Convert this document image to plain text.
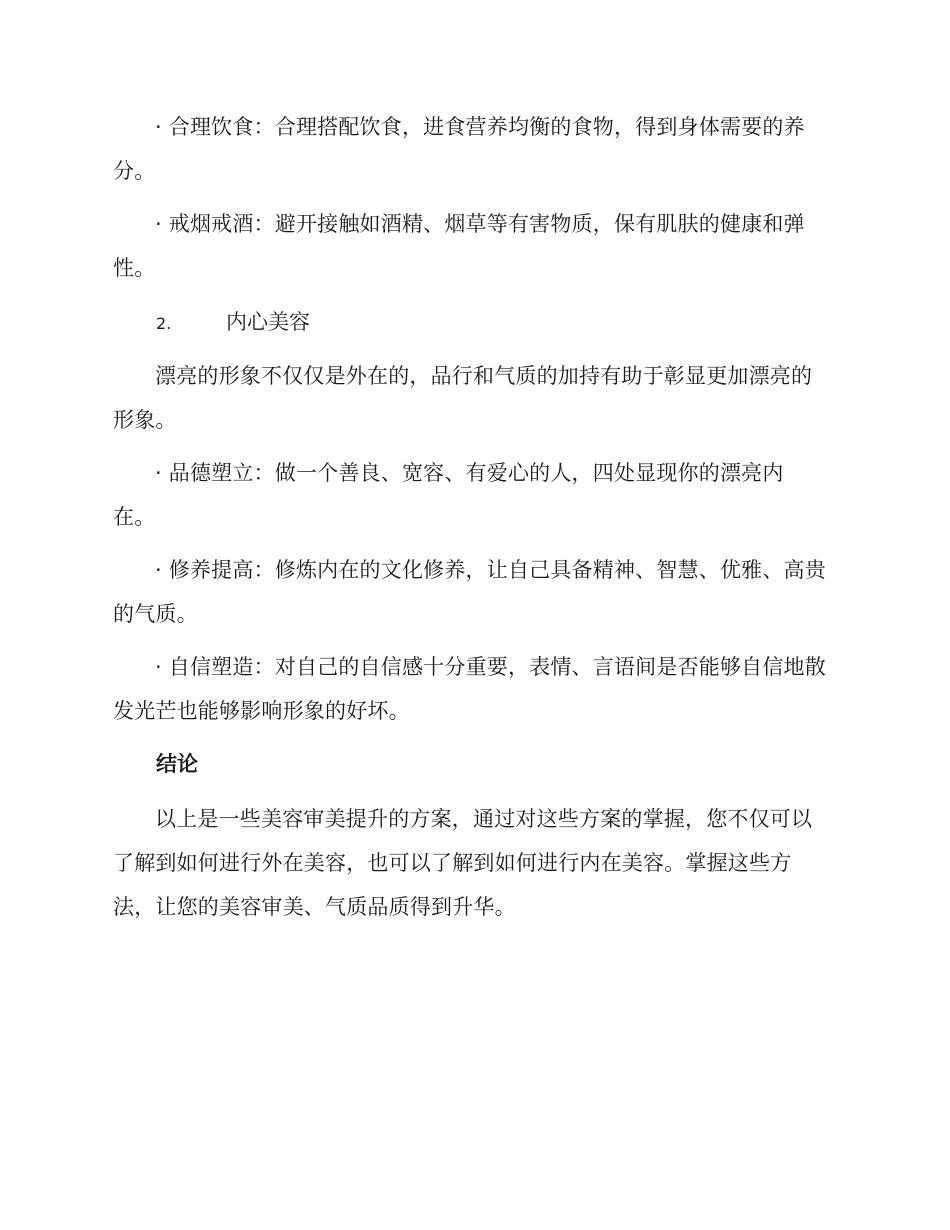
· 合理饮食：合理搭配饮食，进食营养均衡的食物，得到身体需要的养分。

· 戒烟戒酒：避开接触如酒精、烟草等有害物质，保有肌肤的健康和弹性。

2.	内心美容

漂亮的形象不仅仅是外在的，品行和气质的加持有助于彰显更加漂亮的形象。

· 品德塑立：做一个善良、宽容、有爱心的人，四处显现你的漂亮内在。

· 修养提高：修炼内在的文化修养，让自己具备精神、智慧、优雅、高贵的气质。

· 自信塑造：对自己的自信感十分重要，表情、言语间是否能够自信地散发光芒也能够影响形象的好坏。

结论

以上是一些美容审美提升的方案，通过对这些方案的掌握，您不仅可以了解到如何进行外在美容，也可以了解到如何进行内在美容。掌握这些方法，让您的美容审美、气质品质得到升华。
